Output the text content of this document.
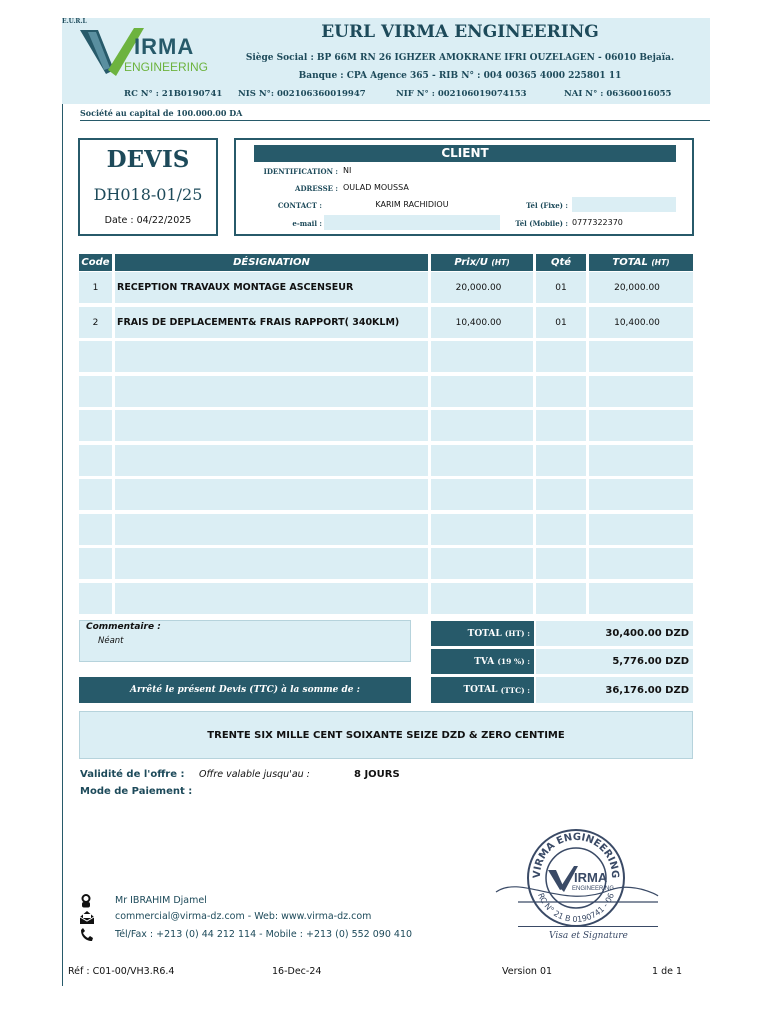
E.U.R.L
IRMA
ENGINEERING
EURL VIRMA ENGINEERING
Siège Social : BP 66M RN 26 IGHZER AMOKRANE IFRI OUZELAGEN - 06010 Bejaïa.
Banque : CPA Agence 365 - RIB N° : 004 00365 4000 225801 11
RC N° : 21B0190741 NIS N°: 002106360019947	NIF N° : 002106019074153	NAI N° : 06360016055
Société au capital de 100.000.00 DA
DEVIS
DH018-01/25
Date : 04/22/2025
CLIENT
IDENTIFICATION : NI
ADRESSE : OULAD MOUSSA
CONTACT :	KARIM RACHIDIOU
e-mail :
Tél (Fixe) :
Tél (Mobile) : 0777322370
Code	DÉSIGNATION	Prix/U (HT)	Qté	TOTAL (HT)
1	RECEPTION TRAVAUX MONTAGE ASCENSEUR	20,000.00	01	20,000.00
2	FRAIS DE DEPLACEMENT& FRAIS RAPPORT( 340KLM)	10,400.00	01	10,400.00
Commentaire :
Néant
Arrêté le présent Devis (TTC) à la somme de :
TOTAL
(HT) :	30,400.00 DZD
TVA
(19 %) :	5,776.00 DZD
TOTAL
(TTC) :	36,176.00 DZD
TRENTE SIX MILLE CENT SOIXANTE SEIZE DZD & ZERO CENTIME
Validité de l'offre : Offre valable jusqu'au :	8 JOURS
Mode de Paiement :
VIRMA ENGINEERING
RC N° 21 B 0190741 - 06
IRMA
ENGINEERING
Visa et Signature
Mr IBRAHIM Djamel
commercial@virma-dz.com - Web: www.virma-dz.com
Tél/Fax : +213 (0) 44 212 114 - Mobile : +213 (0) 552 090 410
Réf : C01-00/VH3.R6.4	16-Dec-24	Version 01	1 de 1
